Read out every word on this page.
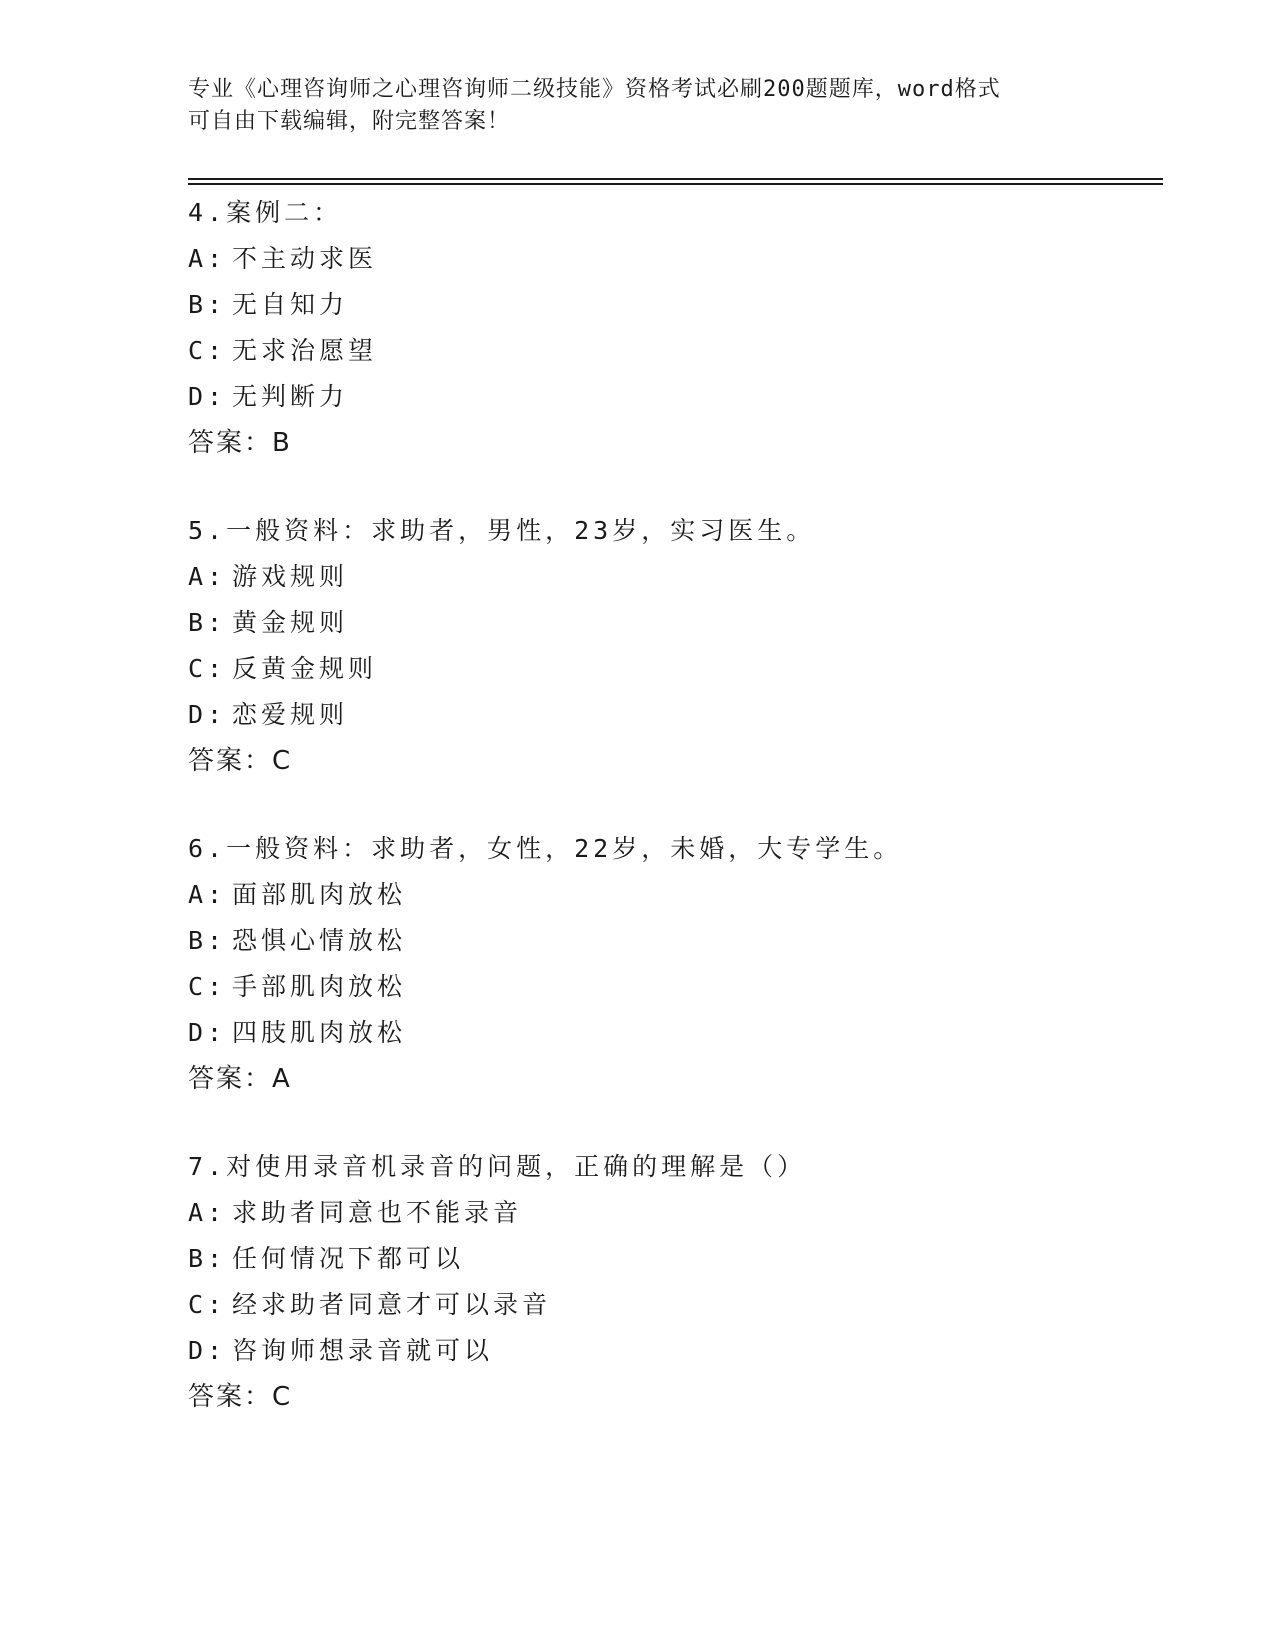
专业《心理咨询师之心理咨询师二级技能》资格考试必刷200题题库，word格式
可自由下载编辑，附完整答案！
4.案例二：
A: 不主动求医
B: 无自知力
C: 无求治愿望
D: 无判断力
答案：B
5.一般资料：求助者，男性，23岁，实习医生。
A: 游戏规则
B: 黄金规则
C: 反黄金规则
D: 恋爱规则
答案：C
6.一般资料：求助者，女性，22岁，未婚，大专学生。
A: 面部肌肉放松
B: 恐惧心情放松
C: 手部肌肉放松
D: 四肢肌肉放松
答案：A
7.对使用录音机录音的问题，正确的理解是（）
A: 求助者同意也不能录音
B: 任何情况下都可以
C: 经求助者同意才可以录音
D: 咨询师想录音就可以
答案：C
